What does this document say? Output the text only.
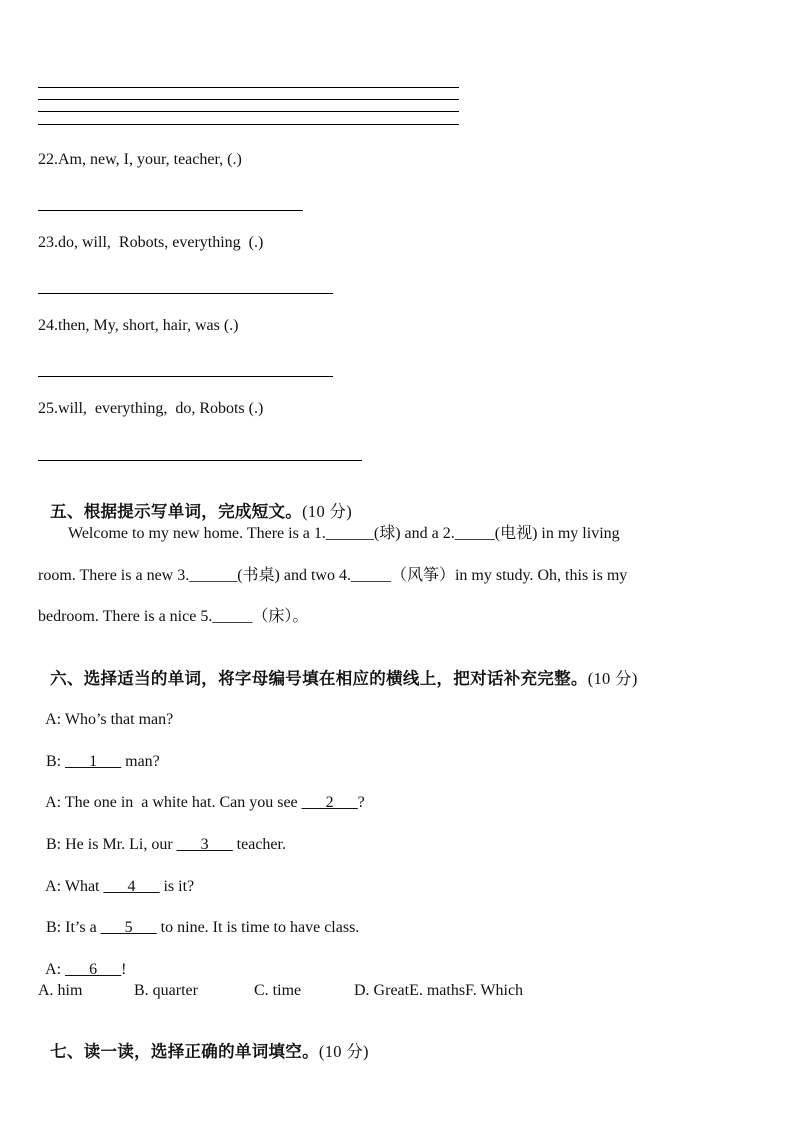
22.Am, new, I, your, teacher, (.)
23.do, will,  Robots, everything  (.)
24.then, My, short, hair, was (.)
25.will,  everything,  do, Robots (.)

五、根据提示写单词，完成短文。(10 分)

Welcome to my new home. There is a 1.______(球) and a 2._____(电视) in my living
room. There is a new 3.______(书桌) and two 4._____（风筝）in my study. Oh, this is my
bedroom. There is a nice 5._____（床）。

六、选择适当的单词，将字母编号填在相应的横线上，把对话补充完整。(10 分)

A: Who’s that man?

B: ___1___ man?

A: The one in  a white hat. Can you see ___2___?

B: He is Mr. Li, our ___3___ teacher.

A: What ___4___ is it?

B: It’s a ___5___ to nine. It is time to have class.

A: ___6___!

A. him	B. quarter	C. time	D. GreatE. mathsF. Which

七、读一读，选择正确的单词填空。(10 分)
